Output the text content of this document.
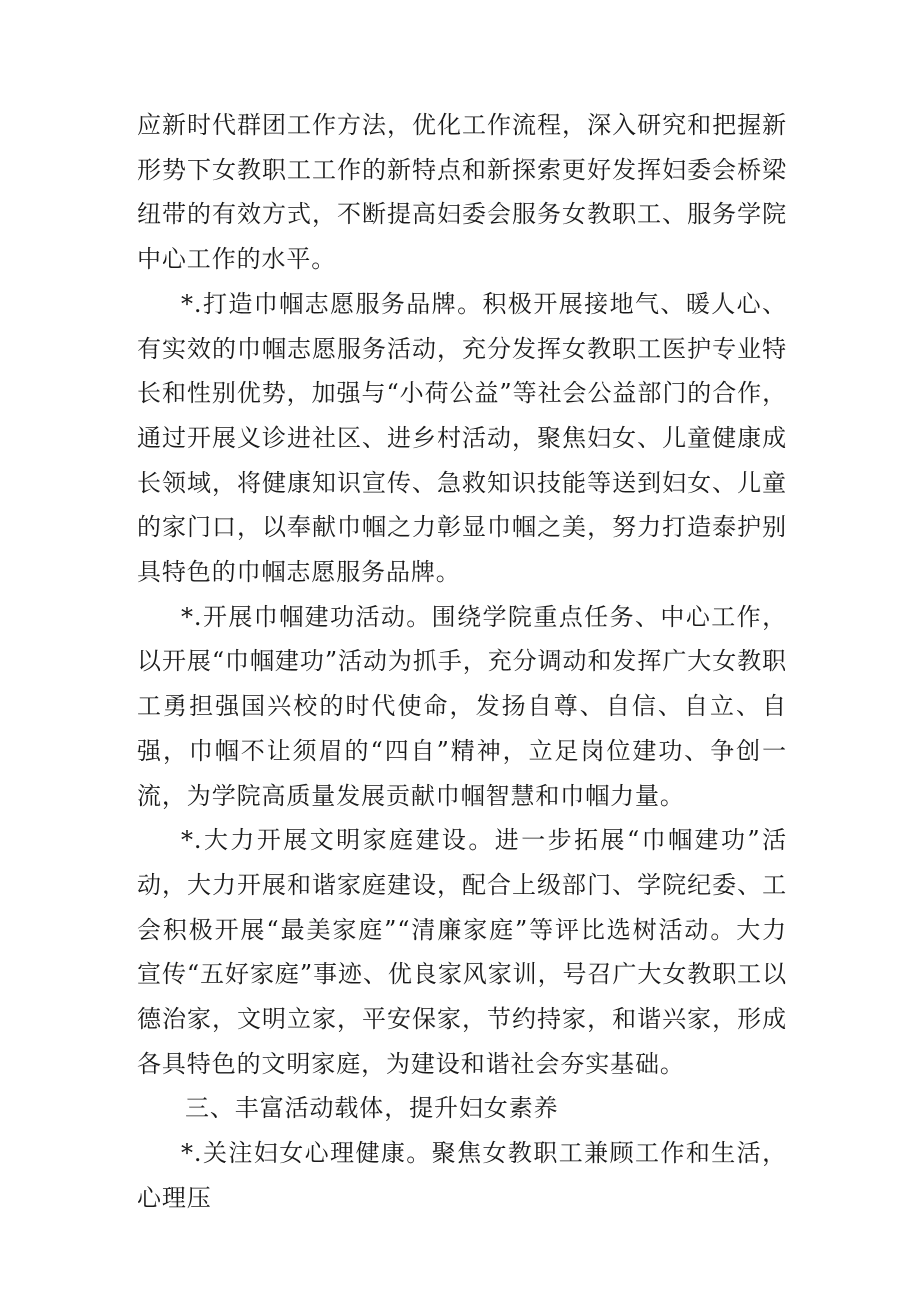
应新时代群团工作方法，优化工作流程，深入研究和把握新形势下女教职工工作的新特点和新探索更好发挥妇委会桥梁纽带的有效方式，不断提高妇委会服务女教职工、服务学院中心工作的水平。

*.打造巾帼志愿服务品牌。积极开展接地气、暖人心、有实效的巾帼志愿服务活动，充分发挥女教职工医护专业特长和性别优势，加强与“小荷公益”等社会公益部门的合作，通过开展义诊进社区、进乡村活动，聚焦妇女、儿童健康成长领域，将健康知识宣传、急救知识技能等送到妇女、儿童的家门口，以奉献巾帼之力彰显巾帼之美，努力打造泰护别具特色的巾帼志愿服务品牌。

*.开展巾帼建功活动。围绕学院重点任务、中心工作，以开展“巾帼建功”活动为抓手，充分调动和发挥广大女教职工勇担强国兴校的时代使命，发扬自尊、自信、自立、自强，巾帼不让须眉的“四自”精神，立足岗位建功、争创一流，为学院高质量发展贡献巾帼智慧和巾帼力量。

*.大力开展文明家庭建设。进一步拓展“巾帼建功”活动，大力开展和谐家庭建设，配合上级部门、学院纪委、工会积极开展“最美家庭”“清廉家庭”等评比选树活动。大力宣传“五好家庭”事迹、优良家风家训，号召广大女教职工以德治家，文明立家，平安保家，节约持家，和谐兴家，形成各具特色的文明家庭，为建设和谐社会夯实基础。

三、丰富活动载体，提升妇女素养

*.关注妇女心理健康。聚焦女教职工兼顾工作和生活，心理压
